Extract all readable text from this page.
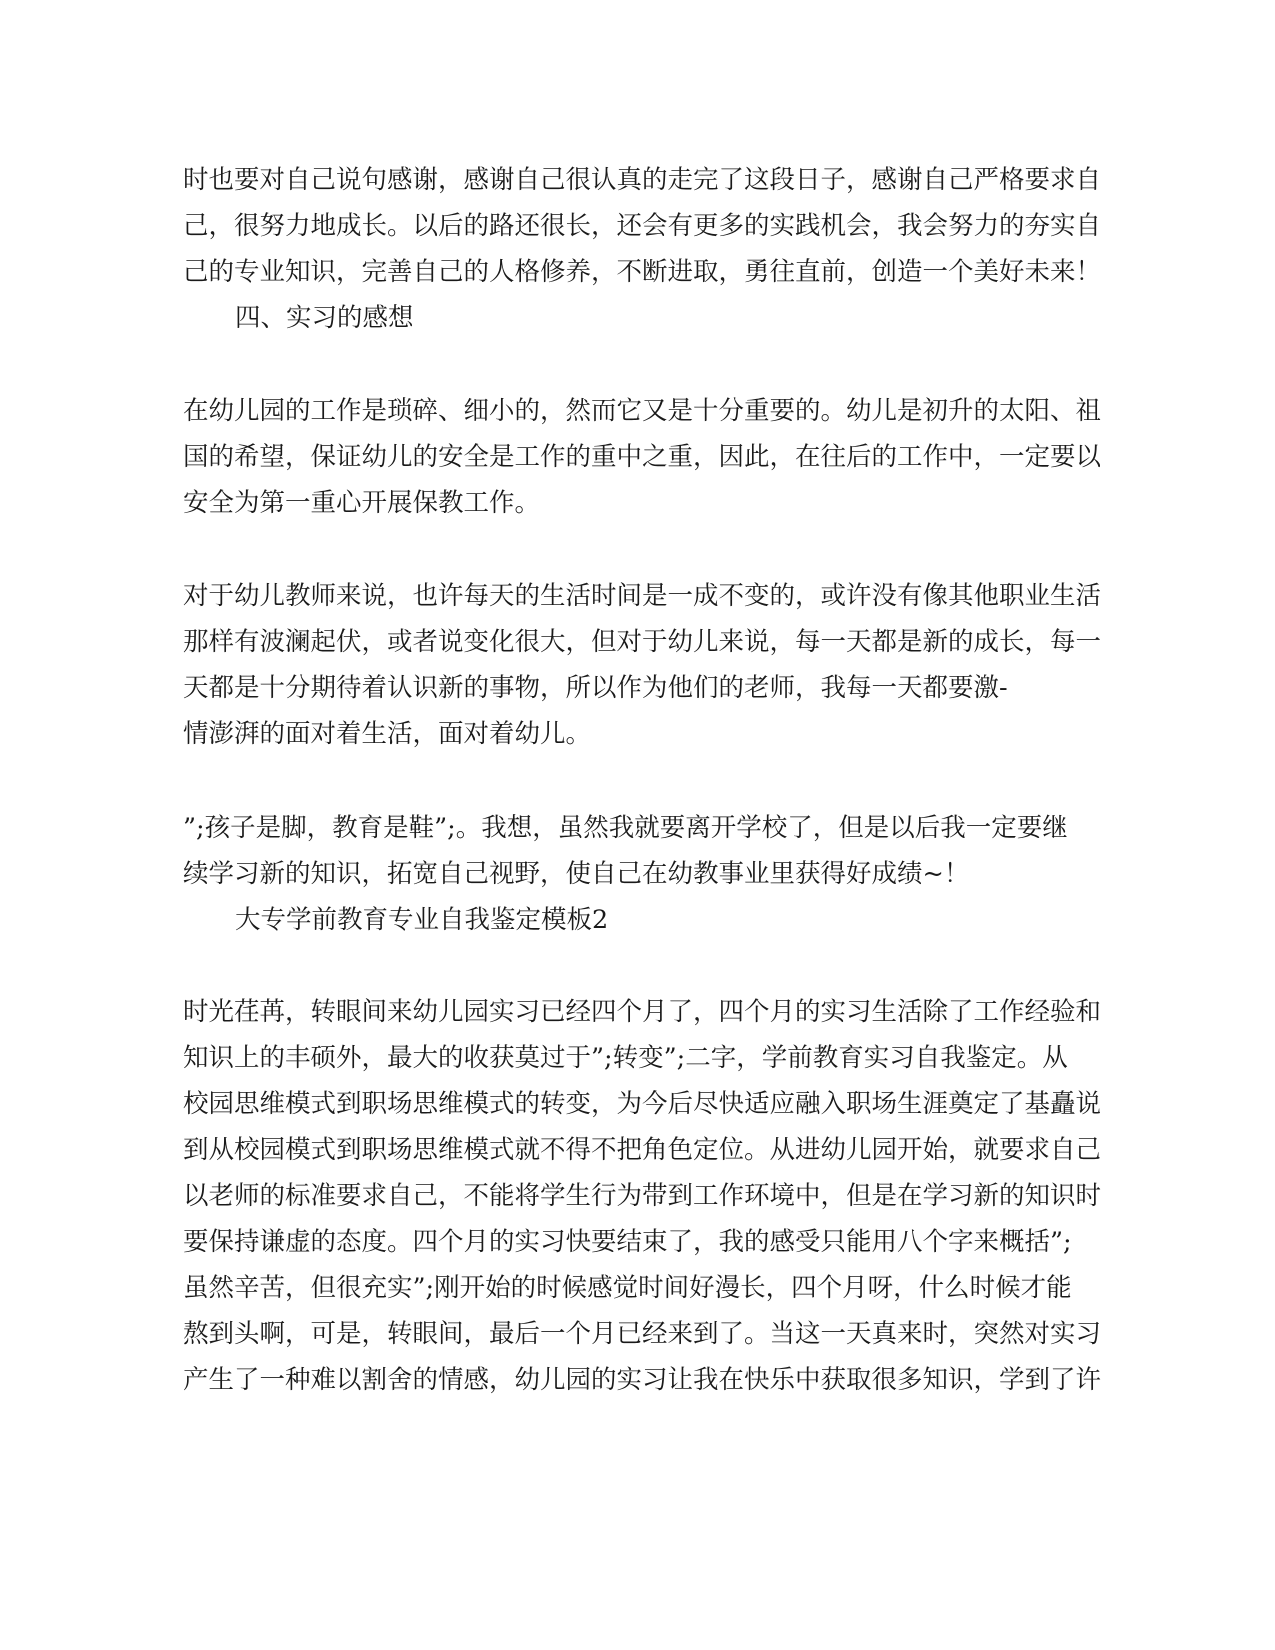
时也要对自己说句感谢，感谢自己很认真的走完了这段日子，感谢自己严格要求自
己，很努力地成长。以后的路还很长，还会有更多的实践机会，我会努力的夯实自
己的专业知识，完善自己的人格修养，不断进取，勇往直前，创造一个美好未来！
四、实习的感想
在幼儿园的工作是琐碎、细小的，然而它又是十分重要的。幼儿是初升的太阳、祖
国的希望，保证幼儿的安全是工作的重中之重，因此，在往后的工作中，一定要以
安全为第一重心开展保教工作。
对于幼儿教师来说，也许每天的生活时间是一成不变的，或许没有像其他职业生活
那样有波澜起伏，或者说变化很大，但对于幼儿来说，每一天都是新的成长，每一
天都是十分期待着认识新的事物，所以作为他们的老师，我每一天都要激-
情澎湃的面对着生活，面对着幼儿。
”;孩子是脚，教育是鞋”;。我想，虽然我就要离开学校了，但是以后我一定要继
续学习新的知识，拓宽自己视野，使自己在幼教事业里获得好成绩~！
大专学前教育专业自我鉴定模板2
时光荏苒，转眼间来幼儿园实习已经四个月了，四个月的实习生活除了工作经验和
知识上的丰硕外，最大的收获莫过于”;转变”;二字，学前教育实习自我鉴定。从
校园思维模式到职场思维模式的转变，为今后尽快适应融入职场生涯奠定了基矗说
到从校园模式到职场思维模式就不得不把角色定位。从进幼儿园开始，就要求自己
以老师的标准要求自己，不能将学生行为带到工作环境中，但是在学习新的知识时
要保持谦虚的态度。四个月的实习快要结束了，我的感受只能用八个字来概括”;
虽然辛苦，但很充实”;刚开始的时候感觉时间好漫长，四个月呀，什么时候才能
熬到头啊，可是，转眼间，最后一个月已经来到了。当这一天真来时，突然对实习
产生了一种难以割舍的情感，幼儿园的实习让我在快乐中获取很多知识，学到了许
